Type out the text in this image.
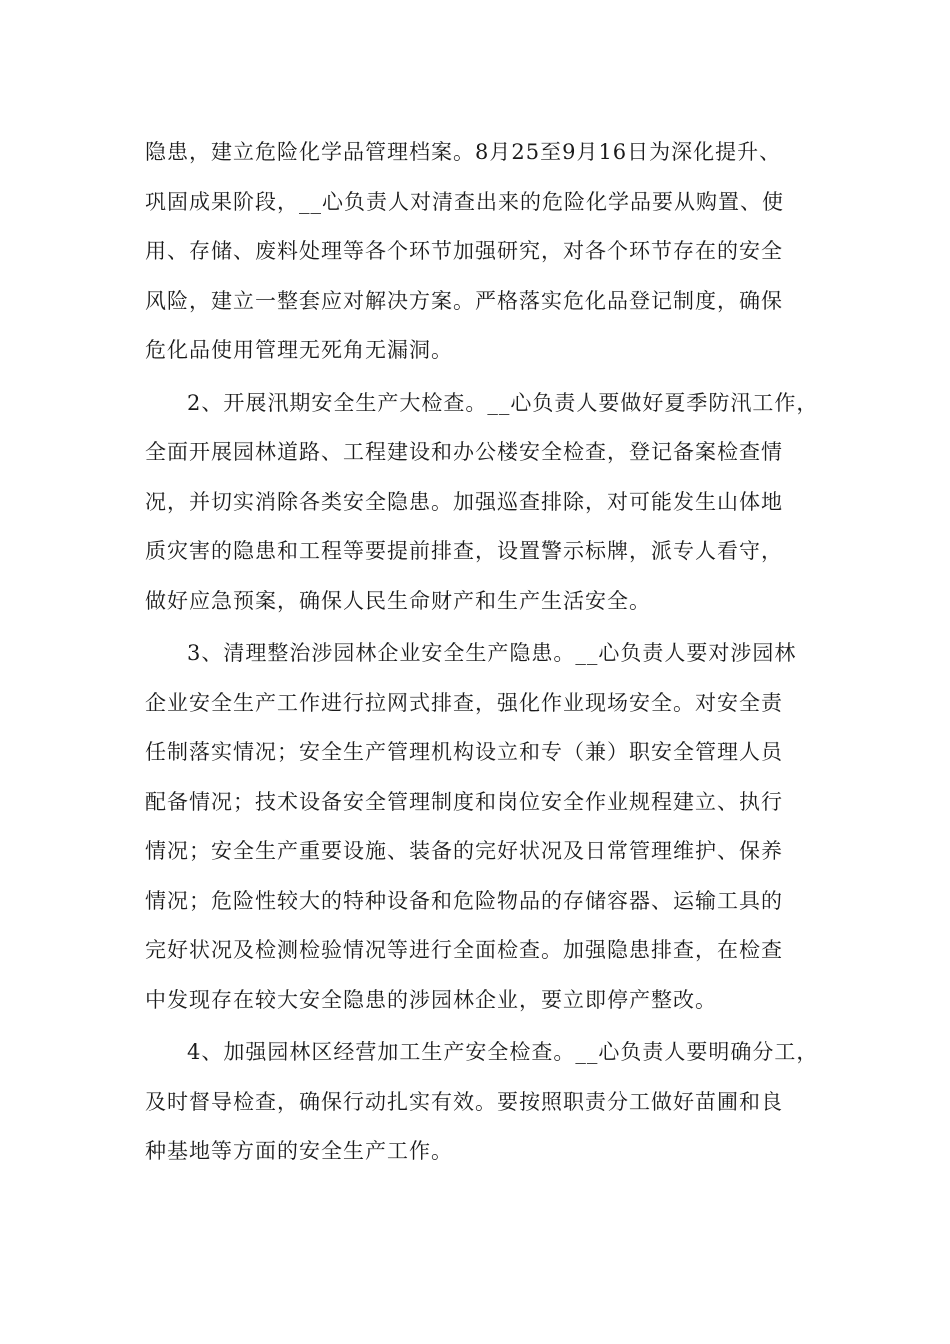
隐患，建立危险化学品管理档案。8月25至9月16日为深化提升、
巩固成果阶段，__心负责人对清查出来的危险化学品要从购置、使
用、存储、废料处理等各个环节加强研究，对各个环节存在的安全
风险，建立一整套应对解决方案。严格落实危化品登记制度，确保
危化品使用管理无死角无漏洞。
2、开展汛期安全生产大检查。__心负责人要做好夏季防汛工作，
全面开展园林道路、工程建设和办公楼安全检查，登记备案检查情
况，并切实消除各类安全隐患。加强巡查排除，对可能发生山体地
质灾害的隐患和工程等要提前排查，设置警示标牌，派专人看守，
做好应急预案，确保人民生命财产和生产生活安全。
3、清理整治涉园林企业安全生产隐患。__心负责人要对涉园林
企业安全生产工作进行拉网式排查，强化作业现场安全。对安全责
任制落实情况；安全生产管理机构设立和专（兼）职安全管理人员
配备情况；技术设备安全管理制度和岗位安全作业规程建立、执行
情况；安全生产重要设施、装备的完好状况及日常管理维护、保养
情况；危险性较大的特种设备和危险物品的存储容器、运输工具的
完好状况及检测检验情况等进行全面检查。加强隐患排查，在检查
中发现存在较大安全隐患的涉园林企业，要立即停产整改。
4、加强园林区经营加工生产安全检查。__心负责人要明确分工，
及时督导检查，确保行动扎实有效。要按照职责分工做好苗圃和良
种基地等方面的安全生产工作。
